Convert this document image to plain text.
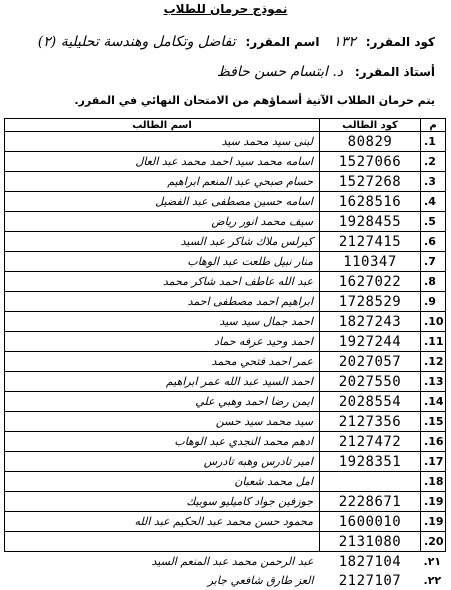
نموذج حرمان للطلاب
كود المقرر: ١٣٢ اسم المقرر: تفاضل وتكامل وهندسة تحليلية (٢)
أستاذ المقرر: د. ابتسام حسن حافظ
يتم حرمان الطلاب الآتية أسماؤهم من الامتحان النهائي في المقرر.
م	كود الطالب	اسم الطالب
1.	80829	لبنى سيد محمد سيد
2.	1527066	اسامه محمد سيد احمد محمد عبد العال
3.	1527268	حسام صبحي عبد المنعم ابراهيم
4.	1628516	اسامه حسين مصطفى عبد الفضيل
5.	1928455	سيف محمد انور رياض
6.	2127415	كيرلس ملاك شاكر عبد السيد
7.	110347	منار نبيل طلعت عبد الوهاب
8.	1627022	عبد الله عاطف احمد شاكر محمد
9.	1728529	ابراهيم احمد مصطفى احمد
10.	1827243	احمد جمال سيد سيد
11.	1927244	احمد وحيد عرفه حماد
12.	2027057	عمر احمد فتحي محمد
13.	2027550	احمد السيد عبد الله عمر ابراهيم
14.	2028554	ايمن رضا احمد وهبي علي
15.	2127356	سيد محمد سيد حسن
16.	2127472	ادهم محمد النجدي عبد الوهاب
17.	1928351	امير تادرس وهبه تادرس
18.		امل محمد شعبان
19.	2228671	جوزفين جواد كاميليو سوبيك
19.	1600010	محمود حسن محمد عبد الحكيم عبد الله
20.	2131080	
٢١.	1827104	عبد الرحمن محمد عبد المنعم السيد
٢٢.	2127107	العز طارق شافعي جابر
